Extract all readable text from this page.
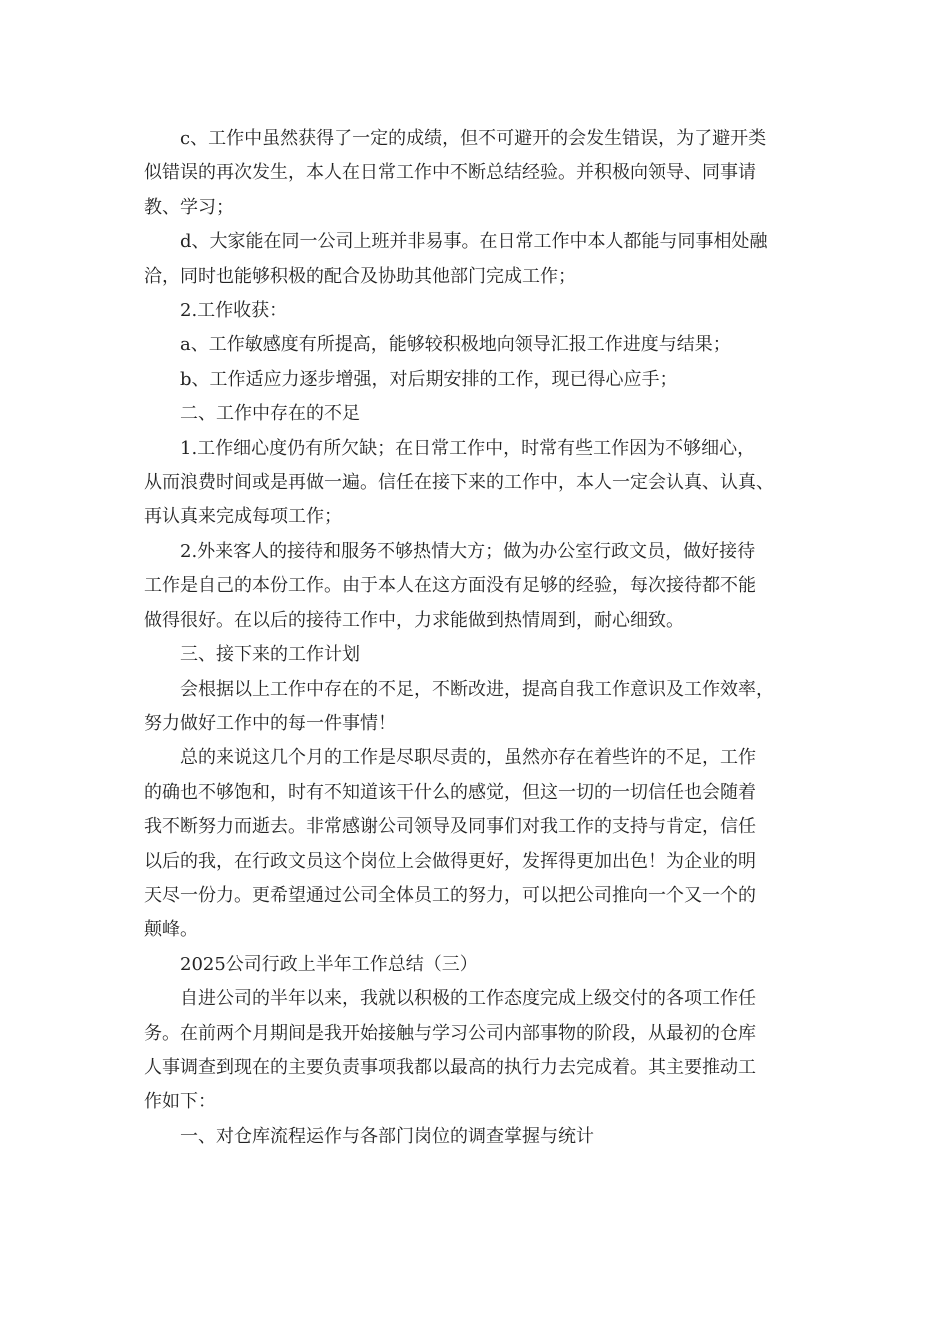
c、工作中虽然获得了一定的成绩，但不可避开的会发生错误，为了避开类
似错误的再次发生，本人在日常工作中不断总结经验。并积极向领导、同事请
教、学习；

d、大家能在同一公司上班并非易事。在日常工作中本人都能与同事相处融
洽，同时也能够积极的配合及协助其他部门完成工作；

2.工作收获：

a、工作敏感度有所提高，能够较积极地向领导汇报工作进度与结果；

b、工作适应力逐步增强，对后期安排的工作，现已得心应手；

二、工作中存在的不足

1.工作细心度仍有所欠缺；在日常工作中，时常有些工作因为不够细心，
从而浪费时间或是再做一遍。信任在接下来的工作中，本人一定会认真、认真、
再认真来完成每项工作；

2.外来客人的接待和服务不够热情大方；做为办公室行政文员，做好接待
工作是自己的本份工作。由于本人在这方面没有足够的经验，每次接待都不能
做得很好。在以后的接待工作中，力求能做到热情周到，耐心细致。

三、接下来的工作计划

会根据以上工作中存在的不足，不断改进，提高自我工作意识及工作效率，
努力做好工作中的每一件事情！

总的来说这几个月的工作是尽职尽责的，虽然亦存在着些许的不足，工作
的确也不够饱和，时有不知道该干什么的感觉，但这一切的一切信任也会随着
我不断努力而逝去。非常感谢公司领导及同事们对我工作的支持与肯定，信任
以后的我，在行政文员这个岗位上会做得更好，发挥得更加出色！为企业的明
天尽一份力。更希望通过公司全体员工的努力，可以把公司推向一个又一个的
颠峰。

2025公司行政上半年工作总结（三）

自进公司的半年以来，我就以积极的工作态度完成上级交付的各项工作任
务。在前两个月期间是我开始接触与学习公司内部事物的阶段，从最初的仓库
人事调查到现在的主要负责事项我都以最高的执行力去完成着。其主要推动工
作如下：

一、对仓库流程运作与各部门岗位的调查掌握与统计
